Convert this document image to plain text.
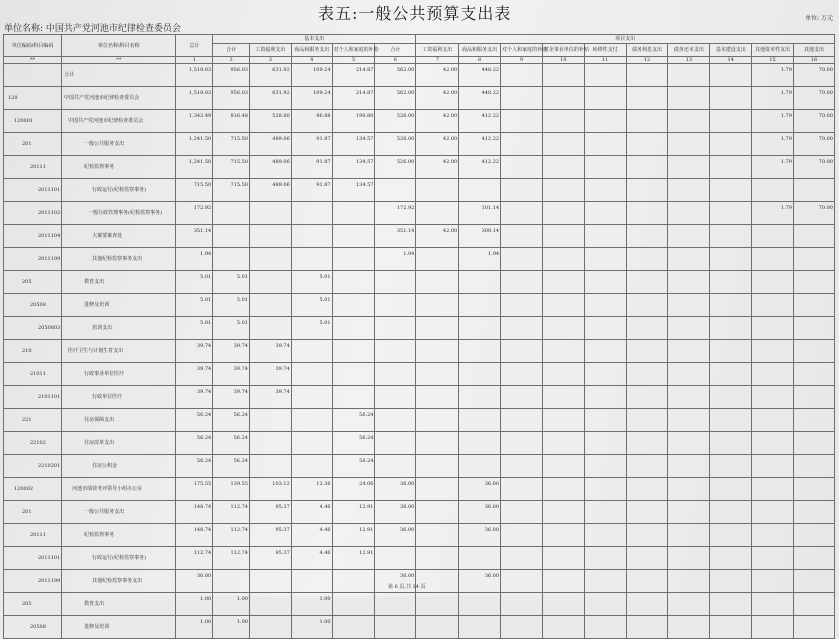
表五:一般公共预算支出表	单位: 万元
单位名称: 中国共产党河池市纪律检查委员会
单位编码\科目编码	单位名称\科目名称	总计	基本支出					项目支出									
			合计	工资福利支出	商品和服务支出	对个人和家庭的补助	合计	工资福利支出	商品和服务支出	对个人和家庭的补助	对企事业单位的补贴	转移性支付	债务利息支出	债务还本支出	基本建设支出	其他资本性支出	其他支出
**	**	1	2	3	4	5	6	7	8	9	10	11	12	13	14	15	16
	合计	1,518.03	956.03	631.92	109.24	214.87	562.00	42.00	448.22							1.79	70.00
120	中国共产党河池市纪律检查委员会	1,518.03	956.03	631.92	109.24	214.87	562.00	42.00	448.22							1.79	70.00
120001	中国共产党河池市纪律检查委员会	1,342.49	816.48	528.80	96.88	190.80	526.00	42.00	412.22							1.79	70.00
201	一般公共服务支出	1,241.50	715.50	489.06	91.87	134.57	526.00	42.00	412.22							1.79	70.00
20111	纪检监察事务	1,241.50	715.50	489.06	91.87	134.57	526.00	42.00	412.22							1.79	70.00
2011101	行政运行(纪检监察事务)	715.50	715.50	489.06	91.87	134.57											
2011102	一般行政管理事务(纪检监察事务)	172.92					172.92		101.14							1.79	70.00
2011104	大案要案查处	351.14					351.14	42.00	309.14								
2011199	其他纪检监察事务支出	1.94					1.94		1.94								
205	教育支出	5.01	5.01		5.01												
20508	进修及培训	5.01	5.01		5.01												
2050803	培训支出	5.01	5.01		5.01												
210	医疗卫生与计划生育支出	39.74	39.74	39.74													
21011	行政事业单位医疗	39.74	39.74	39.74													
2101101	行政单位医疗	39.74	39.74	39.74													
221	住房保障支出	56.24	56.24			56.24											
22102	住房改革支出	56.24	56.24			56.24											
2210201	住房公积金	56.24	56.24			56.24											
120002	河池市绩效考评领导小组办公室	175.55	139.55	103.12	12.36	24.06	36.00		36.00								
201	一般公共服务支出	148.74	112.74	95.37	4.46	12.91	36.00		36.00								
20111	纪检监察事务	148.74	112.74	95.37	4.46	12.91	36.00		36.00								
2011101	行政运行(纪检监察事务)	112.74	112.74	95.37	4.46	12.91											
2011199	其他纪检监察事务支出	36.00					36.00		36.00								
205	教育支出	1.00	1.00		1.00												
20508	进修及培训	1.00	1.00		1.00												
第 6 页,共 14 页
